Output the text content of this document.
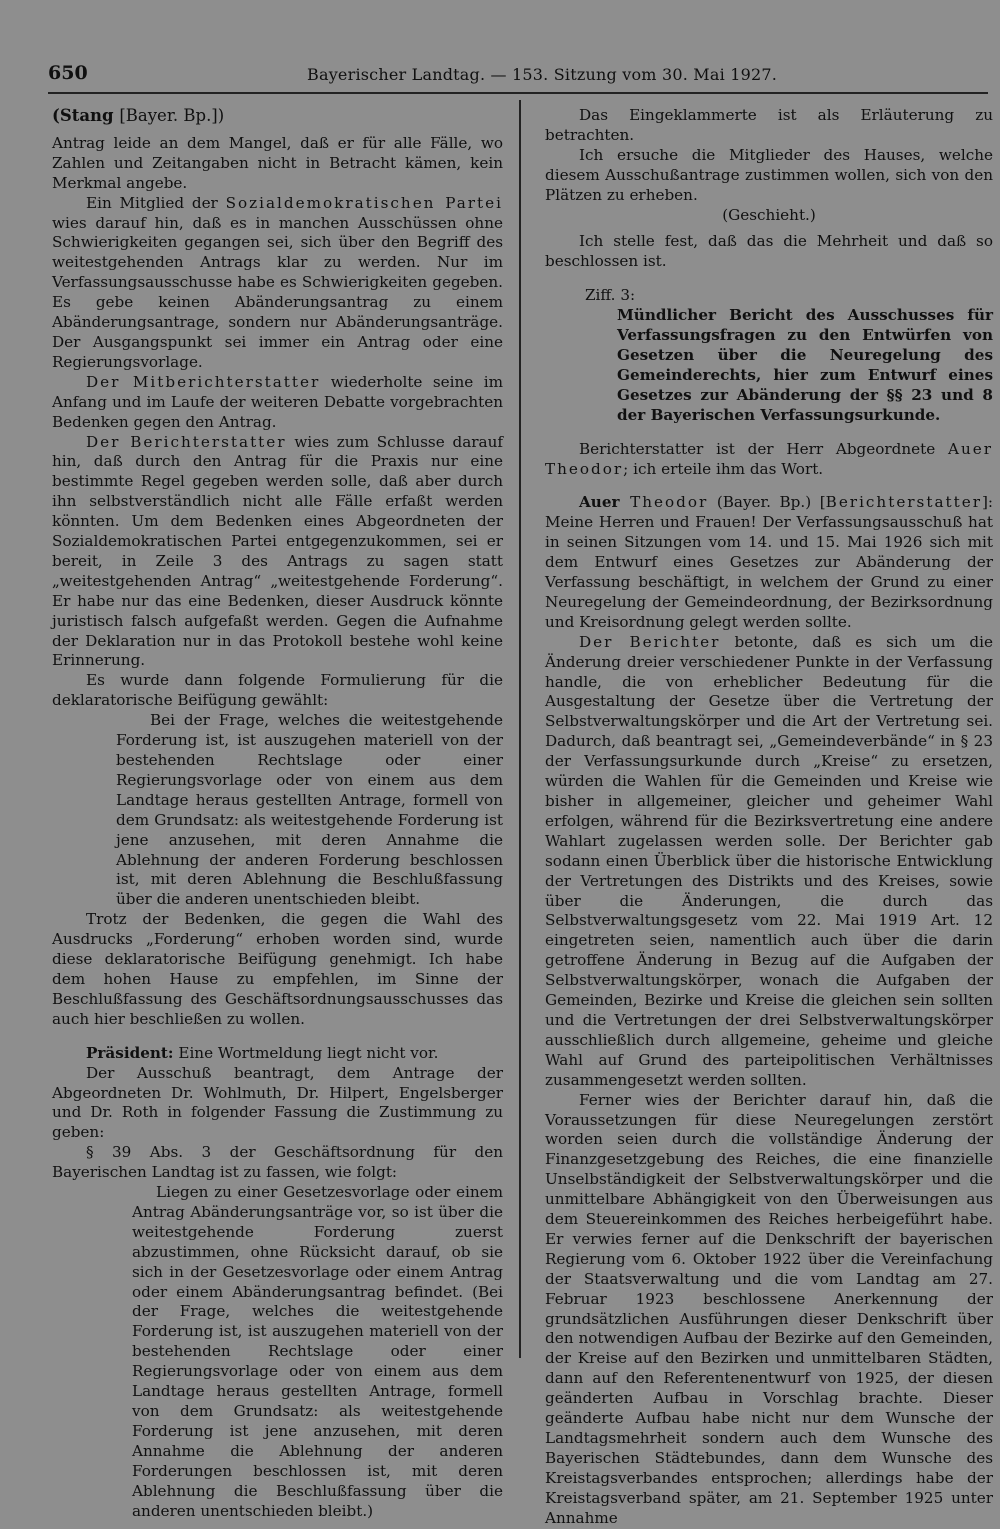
650	Bayerischer Landtag. — 153. Sitzung vom 30. Mai 1927.
(Stang [Bayer. Bp.])

Antrag leide an dem Mangel, daß er für alle Fälle, wo Zahlen und Zeitangaben nicht in Betracht kämen, kein Merkmal angebe.

Ein Mitglied der Sozialdemokratischen Partei wies darauf hin, daß es in manchen Ausschüssen ohne Schwierigkeiten gegangen sei, sich über den Begriff des weitestgehenden Antrags klar zu werden. Nur im Verfassungsausschusse habe es Schwierigkeiten gegeben. Es gebe keinen Abänderungsantrag zu einem Abänderungsantrage, sondern nur Abänderungsanträge. Der Ausgangspunkt sei immer ein Antrag oder eine Regierungsvorlage.

Der Mitberichterstatter wiederholte seine im Anfang und im Laufe der weiteren Debatte vorgebrachten Bedenken gegen den Antrag.

Der Berichterstatter wies zum Schlusse darauf hin, daß durch den Antrag für die Praxis nur eine bestimmte Regel gegeben werden solle, daß aber durch ihn selbstverständlich nicht alle Fälle erfaßt werden könnten. Um dem Bedenken eines Abgeordneten der Sozialdemokratischen Partei entgegenzukommen, sei er bereit, in Zeile 3 des Antrags zu sagen statt „weitestgehenden Antrag“ „weitestgehende Forderung“. Er habe nur das eine Bedenken, dieser Ausdruck könnte juristisch falsch aufgefaßt werden. Gegen die Aufnahme der Deklaration nur in das Protokoll bestehe wohl keine Erinnerung.

Es wurde dann folgende Formulierung für die deklaratorische Beifügung gewählt:

Bei der Frage, welches die weitestgehende Forderung ist, ist auszugehen materiell von der bestehenden Rechtslage oder einer Regierungsvorlage oder von einem aus dem Landtage heraus gestellten Antrage, formell von dem Grundsatz: als weitestgehende Forderung ist jene anzusehen, mit deren Annahme die Ablehnung der anderen Forderung beschlossen ist, mit deren Ablehnung die Beschlußfassung über die anderen unentschieden bleibt.

Trotz der Bedenken, die gegen die Wahl des Ausdrucks „Forderung“ erhoben worden sind, wurde diese deklaratorische Beifügung genehmigt. Ich habe dem hohen Hause zu empfehlen, im Sinne der Beschlußfassung des Geschäftsordnungsausschusses das auch hier beschließen zu wollen.

Präsident: Eine Wortmeldung liegt nicht vor.

Der Ausschuß beantragt, dem Antrage der Abgeordneten Dr. Wohlmuth, Dr. Hilpert, Engelsberger und Dr. Roth in folgender Fassung die Zustimmung zu geben:

§ 39 Abs. 3 der Geschäftsordnung für den Bayerischen Landtag ist zu fassen, wie folgt:

Liegen zu einer Gesetzesvorlage oder einem Antrag Abänderungsanträge vor, so ist über die weitestgehende Forderung zuerst abzustimmen, ohne Rücksicht darauf, ob sie sich in der Gesetzesvorlage oder einem Antrag oder einem Abänderungsantrag befindet. (Bei der Frage, welches die weitestgehende Forderung ist, ist auszugehen materiell von der bestehenden Rechtslage oder einer Regierungsvorlage oder von einem aus dem Landtage heraus gestellten Antrage, formell von dem Grundsatz: als weitestgehende Forderung ist jene anzusehen, mit deren Annahme die Ablehnung der anderen Forderungen beschlossen ist, mit deren Ablehnung die Beschlußfassung über die anderen unentschieden bleibt.)

Das Eingeklammerte ist als Erläuterung zu betrachten.

Ich ersuche die Mitglieder des Hauses, welche diesem Ausschußantrage zustimmen wollen, sich von den Plätzen zu erheben.

(Geschieht.)

Ich stelle fest, daß das die Mehrheit und daß so beschlossen ist.

Ziff. 3:

Mündlicher Bericht des Ausschusses für Verfassungsfragen zu den Entwürfen von Gesetzen über die Neuregelung des Gemeinderechts, hier zum Entwurf eines Gesetzes zur Abänderung der §§ 23 und 8 der Bayerischen Verfassungsurkunde.

Berichterstatter ist der Herr Abgeordnete Auer Theodor; ich erteile ihm das Wort.

Auer Theodor (Bayer. Bp.) [Berichterstatter]: Meine Herren und Frauen! Der Verfassungsausschuß hat in seinen Sitzungen vom 14. und 15. Mai 1926 sich mit dem Entwurf eines Gesetzes zur Abänderung der Verfassung beschäftigt, in welchem der Grund zu einer Neuregelung der Gemeindeordnung, der Bezirksordnung und Kreisordnung gelegt werden sollte.

Der Berichter betonte, daß es sich um die Änderung dreier verschiedener Punkte in der Verfassung handle, die von erheblicher Bedeutung für die Ausgestaltung der Gesetze über die Vertretung der Selbstverwaltungskörper und die Art der Vertretung sei. Dadurch, daß beantragt sei, „Gemeindeverbände“ in § 23 der Verfassungsurkunde durch „Kreise“ zu ersetzen, würden die Wahlen für die Gemeinden und Kreise wie bisher in allgemeiner, gleicher und geheimer Wahl erfolgen, während für die Bezirksvertretung eine andere Wahlart zugelassen werden solle. Der Berichter gab sodann einen Überblick über die historische Entwicklung der Vertretungen des Distrikts und des Kreises, sowie über die Änderungen, die durch das Selbstverwaltungsgesetz vom 22. Mai 1919 Art. 12 eingetreten seien, namentlich auch über die darin getroffene Änderung in Bezug auf die Aufgaben der Selbstverwaltungskörper, wonach die Aufgaben der Gemeinden, Bezirke und Kreise die gleichen sein sollten und die Vertretungen der drei Selbstverwaltungskörper ausschließlich durch allgemeine, geheime und gleiche Wahl auf Grund des parteipolitischen Verhältnisses zusammengesetzt werden sollten.

Ferner wies der Berichter darauf hin, daß die Voraussetzungen für diese Neuregelungen zerstört worden seien durch die vollständige Änderung der Finanzgesetzgebung des Reiches, die eine finanzielle Unselbständigkeit der Selbstverwaltungskörper und die unmittelbare Abhängigkeit von den Überweisungen aus dem Steuereinkommen des Reiches herbeigeführt habe. Er verwies ferner auf die Denkschrift der bayerischen Regierung vom 6. Oktober 1922 über die Vereinfachung der Staatsverwaltung und die vom Landtag am 27. Februar 1923 beschlossene Anerkennung der grundsätzlichen Ausführungen dieser Denkschrift über den notwendigen Aufbau der Bezirke auf den Gemeinden, der Kreise auf den Bezirken und unmittelbaren Städten, dann auf den Referentenentwurf von 1925, der diesen geänderten Aufbau in Vorschlag brachte. Dieser geänderte Aufbau habe nicht nur dem Wunsche der Landtagsmehrheit sondern auch dem Wunsche des Bayerischen Städtebundes, dann dem Wunsche des Kreistagsverbandes entsprochen; allerdings habe der Kreistagsverband später, am 21. September 1925 unter Annahme
